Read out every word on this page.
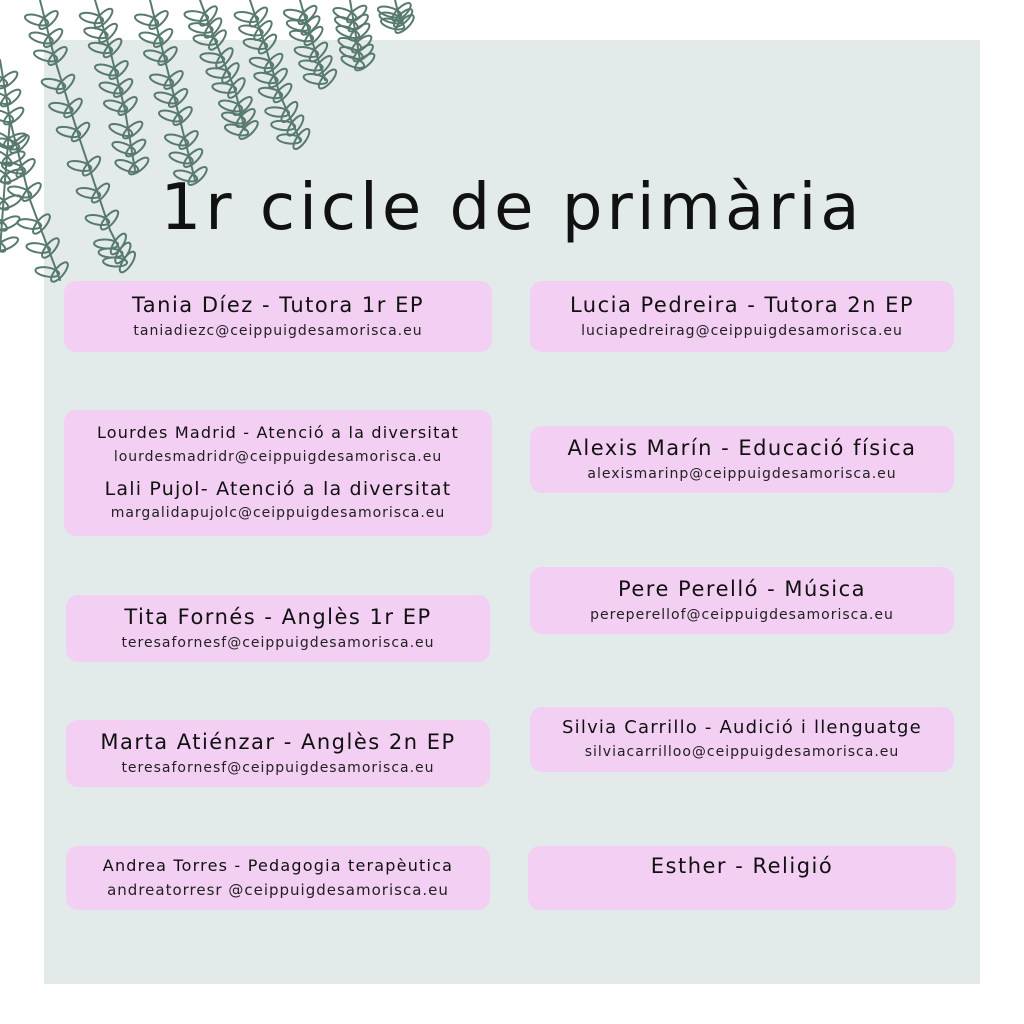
1r cicle de primària
Tania Díez - Tutora 1r EP
taniadiezc@ceippuigdesamorisca.eu
Lourdes Madrid - Atenció a la diversitat
lourdesmadridr@ceippuigdesamorisca.eu
Lali Pujol- Atenció a la diversitat
margalidapujolc@ceippuigdesamorisca.eu
Tita Fornés - Anglès 1r EP
teresafornesf@ceippuigdesamorisca.eu
Marta Atiénzar - Anglès 2n EP
teresafornesf@ceippuigdesamorisca.eu
Andrea Torres - Pedagogia terapèutica
andreatorresr @ceippuigdesamorisca.eu
Lucia Pedreira - Tutora 2n EP
luciapedreirag@ceippuigdesamorisca.eu
Alexis Marín - Educació física
alexismarinp@ceippuigdesamorisca.eu
Pere Perelló - Música
pereperellof@ceippuigdesamorisca.eu
Silvia Carrillo - Audició i llenguatge
silviacarrilloo@ceippuigdesamorisca.eu
Esther - Religió
